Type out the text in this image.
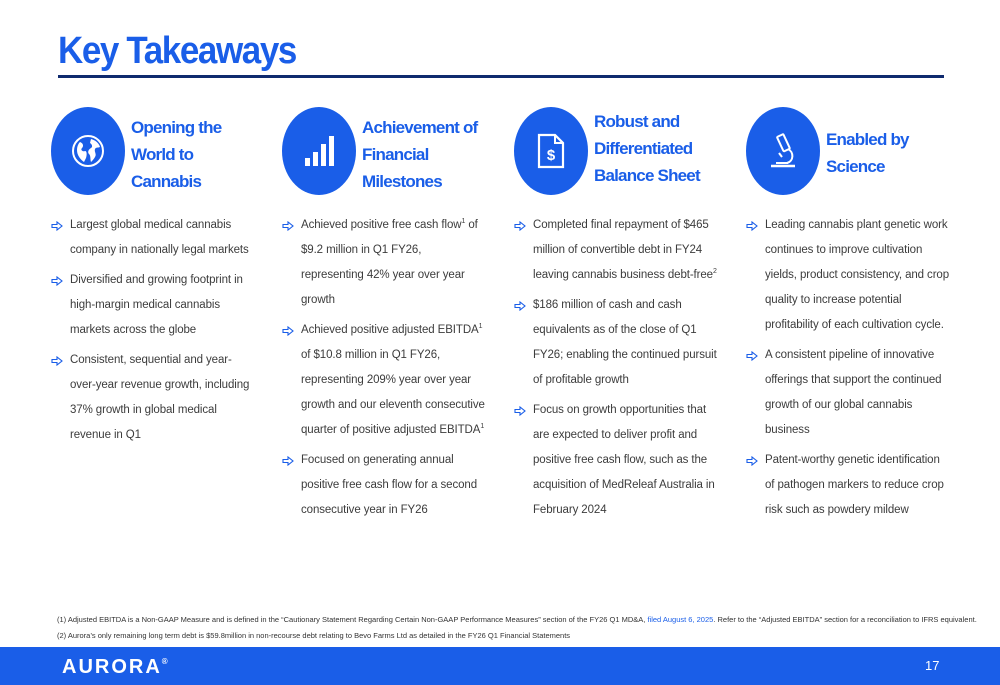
Key Takeaways
Opening the World to Cannabis
Largest global medical cannabis company in nationally legal markets
Diversified and growing footprint in high-margin medical cannabis markets across the globe
Consistent, sequential and year-over-year revenue growth, including 37% growth in global medical revenue in Q1
Achievement of Financial Milestones
Achieved positive free cash flow$^1$ of $9.2 million in Q1 FY26, representing 42% year over year growth
Achieved positive adjusted EBITDA$^1$ of $10.8 million in Q1 FY26, representing 209% year over year growth and our eleventh consecutive quarter of positive adjusted EBITDA$^1$
Focused on generating annual positive free cash flow for a second consecutive year in FY26
$
Robust and Differentiated Balance Sheet
Completed final repayment of $465 million of convertible debt in FY24 leaving cannabis business debt-free$^2$
$186 million of cash and cash equivalents as of the close of Q1 FY26; enabling the continued pursuit of profitable growth
Focus on growth opportunities that are expected to deliver profit and positive free cash flow, such as the acquisition of MedReleaf Australia in February 2024
Enabled by Science
Leading cannabis plant genetic work continues to improve cultivation yields, product consistency, and crop quality to increase potential profitability of each cultivation cycle.
A consistent pipeline of innovative offerings that support the continued growth of our global cannabis business
Patent-worthy genetic identification of pathogen markers to reduce crop risk such as powdery mildew
(1) Adjusted EBITDA is a Non-GAAP Measure and is defined in the “Cautionary Statement Regarding Certain Non-GAAP Performance Measures” section of the FY26 Q1 MD&A, filed August 6, 2025. Refer to the “Adjusted EBITDA” section for a reconciliation to IFRS equivalent.
(2) Aurora’s only remaining long term debt is $59.8million in non-recourse debt relating to Bevo Farms Ltd as detailed in the FY26 Q1 Financial Statements
AURORA®	17
